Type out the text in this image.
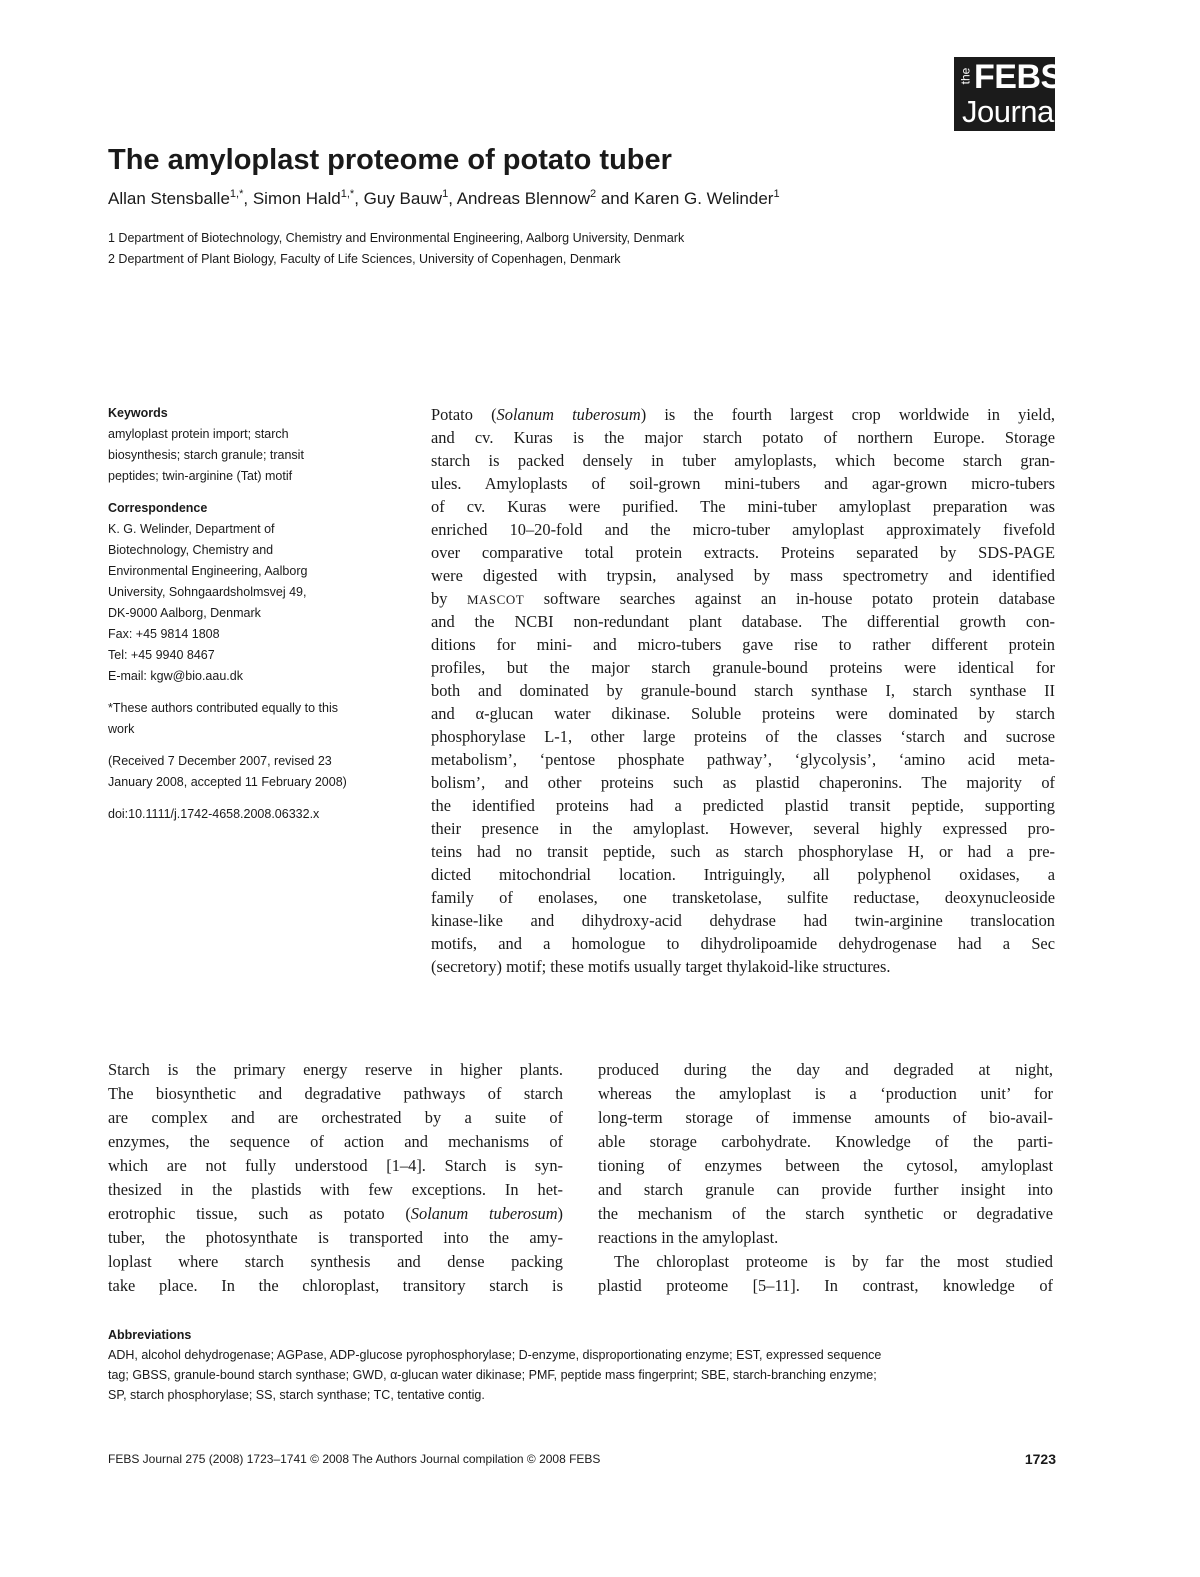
the FEBS
Journal
The amyloplast proteome of potato tuber
Allan Stensballe$^{1,*}$, Simon Hald$^{1,*}$, Guy Bauw$^1$, Andreas Blennow$^2$ and Karen G. Welinder$^1$
1 Department of Biotechnology, Chemistry and Environmental Engineering, Aalborg University, Denmark
2 Department of Plant Biology, Faculty of Life Sciences, University of Copenhagen, Denmark
Keywords
amyloplast protein import; starch
biosynthesis; starch granule; transit
peptides; twin-arginine (Tat) motif
Correspondence
K. G. Welinder, Department of
Biotechnology, Chemistry and
Environmental Engineering, Aalborg
University, Sohngaardsholmsvej 49,
DK-9000 Aalborg, Denmark
Fax: +45 9814 1808
Tel: +45 9940 8467
E-mail: kgw@bio.aau.dk
*These authors contributed equally to this
work
(Received 7 December 2007, revised 23
January 2008, accepted 11 February 2008)
doi:10.1111/j.1742-4658.2008.06332.x
Potato (Solanum tuberosum) is the fourth largest crop worldwide in yield,
and cv. Kuras is the major starch potato of northern Europe. Storage
starch is packed densely in tuber amyloplasts, which become starch gran-
ules. Amyloplasts of soil-grown mini-tubers and agar-grown micro-tubers
of cv. Kuras were purified. The mini-tuber amyloplast preparation was
enriched 10–20-fold and the micro-tuber amyloplast approximately fivefold
over comparative total protein extracts. Proteins separated by SDS-PAGE
were digested with trypsin, analysed by mass spectrometry and identified
by MASCOT software searches against an in-house potato protein database
and the NCBI non-redundant plant database. The differential growth con-
ditions for mini- and micro-tubers gave rise to rather different protein
profiles, but the major starch granule-bound proteins were identical for
both and dominated by granule-bound starch synthase I, starch synthase II
and α-glucan water dikinase. Soluble proteins were dominated by starch
phosphorylase L-1, other large proteins of the classes ‘starch and sucrose
metabolism’, ‘pentose phosphate pathway’, ‘glycolysis’, ‘amino acid meta-
bolism’, and other proteins such as plastid chaperonins. The majority of
the identified proteins had a predicted plastid transit peptide, supporting
their presence in the amyloplast. However, several highly expressed pro-
teins had no transit peptide, such as starch phosphorylase H, or had a pre-
dicted mitochondrial location. Intriguingly, all polyphenol oxidases, a
family of enolases, one transketolase, sulfite reductase, deoxynucleoside
kinase-like and dihydroxy-acid dehydrase had twin-arginine translocation
motifs, and a homologue to dihydrolipoamide dehydrogenase had a Sec
(secretory) motif; these motifs usually target thylakoid-like structures.
Starch is the primary energy reserve in higher plants.
The biosynthetic and degradative pathways of starch
are complex and are orchestrated by a suite of
enzymes, the sequence of action and mechanisms of
which are not fully understood [1–4]. Starch is syn-
thesized in the plastids with few exceptions. In het-
erotrophic tissue, such as potato (Solanum tuberosum)
tuber, the photosynthate is transported into the amy-
loplast where starch synthesis and dense packing
take place. In the chloroplast, transitory starch is
produced during the day and degraded at night,
whereas the amyloplast is a ‘production unit’ for
long-term storage of immense amounts of bio-avail-
able storage carbohydrate. Knowledge of the parti-
tioning of enzymes between the cytosol, amyloplast
and starch granule can provide further insight into
the mechanism of the starch synthetic or degradative
reactions in the amyloplast.
The chloroplast proteome is by far the most studied
plastid proteome [5–11]. In contrast, knowledge of
Abbreviations
ADH, alcohol dehydrogenase; AGPase, ADP-glucose pyrophosphorylase; D-enzyme, disproportionating enzyme; EST, expressed sequence
tag; GBSS, granule-bound starch synthase; GWD, α-glucan water dikinase; PMF, peptide mass fingerprint; SBE, starch-branching enzyme;
SP, starch phosphorylase; SS, starch synthase; TC, tentative contig.
FEBS Journal 275 (2008) 1723–1741 © 2008 The Authors Journal compilation © 2008 FEBS	1723
